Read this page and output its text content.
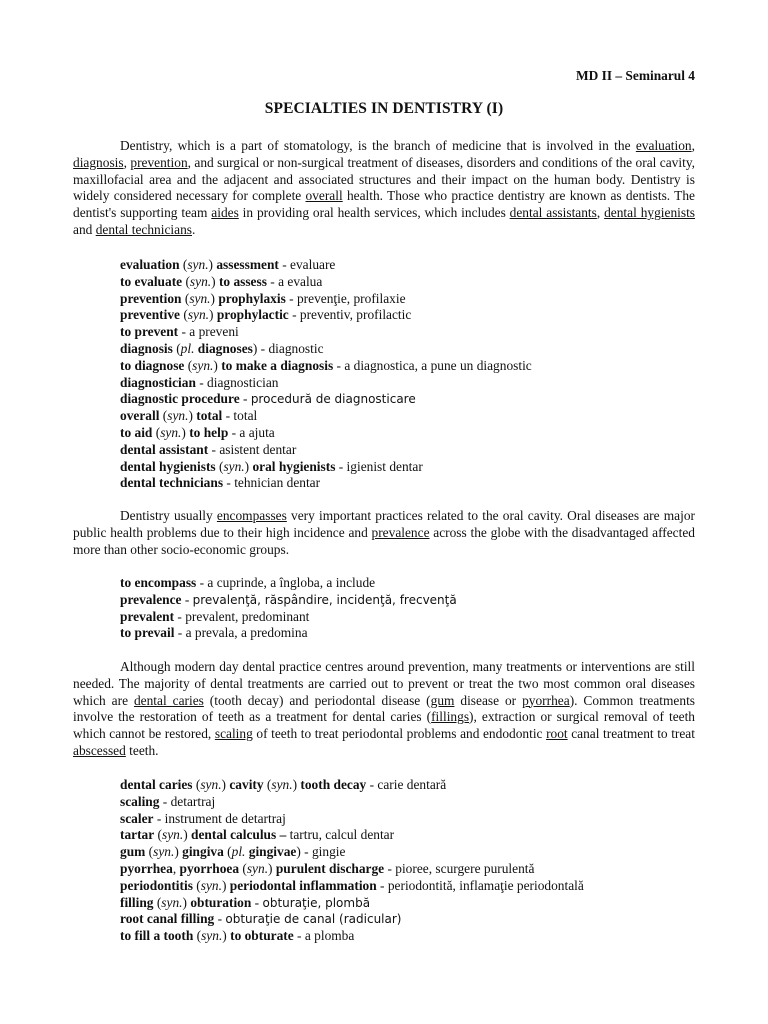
MD II – Seminarul 4
SPECIALTIES IN DENTISTRY (I)

Dentistry, which is a part of stomatology, is the branch of medicine that is involved in the evaluation, diagnosis, prevention, and surgical or non-surgical treatment of diseases, disorders and conditions of the oral cavity, maxillofacial area and the adjacent and associated structures and their impact on the human body. Dentistry is widely considered necessary for complete overall health. Those who practice dentistry are known as dentists. The dentist's supporting team aides in providing oral health services, which includes dental assistants, dental hygienists and dental technicians.

evaluation (syn.) assessment - evaluare
to evaluate (syn.) to assess - a evalua
prevention (syn.) prophylaxis - prevenţie, profilaxie
preventive (syn.) prophylactic - preventiv, profilactic
to prevent - a preveni
diagnosis (pl. diagnoses) - diagnostic
to diagnose (syn.) to make a diagnosis - a diagnostica, a pune un diagnostic
diagnostician - diagnostician
diagnostic procedure - procedură de diagnosticare
overall (syn.) total - total
to aid (syn.) to help - a ajuta
dental assistant - asistent dentar
dental hygienists (syn.) oral hygienists - igienist dentar
dental technicians - tehnician dentar

Dentistry usually encompasses very important practices related to the oral cavity. Oral diseases are major public health problems due to their high incidence and prevalence across the globe with the disadvantaged affected more than other socio-economic groups.

to encompass - a cuprinde, a îngloba, a include
prevalence - prevalenţă, răspândire, incidenţă, frecvenţă
prevalent - prevalent, predominant
to prevail - a prevala, a predomina

Although modern day dental practice centres around prevention, many treatments or interventions are still needed. The majority of dental treatments are carried out to prevent or treat the two most common oral diseases which are dental caries (tooth decay) and periodontal disease (gum disease or pyorrhea). Common treatments involve the restoration of teeth as a treatment for dental caries (fillings), extraction or surgical removal of teeth which cannot be restored, scaling of teeth to treat periodontal problems and endodontic root canal treatment to treat abscessed teeth.

dental caries (syn.) cavity (syn.) tooth decay - carie dentară
scaling - detartraj
scaler - instrument de detartraj
tartar (syn.) dental calculus – tartru, calcul dentar
gum (syn.) gingiva (pl. gingivae) - gingie
pyorrhea, pyorrhoea (syn.) purulent discharge - pioree, scurgere purulentă
periodontitis (syn.) periodontal inflammation - periodontită, inflamaţie periodontală
filling (syn.) obturation - obturaţie, plombă
root canal filling - obturaţie de canal (radicular)
to fill a tooth (syn.) to obturate - a plomba
